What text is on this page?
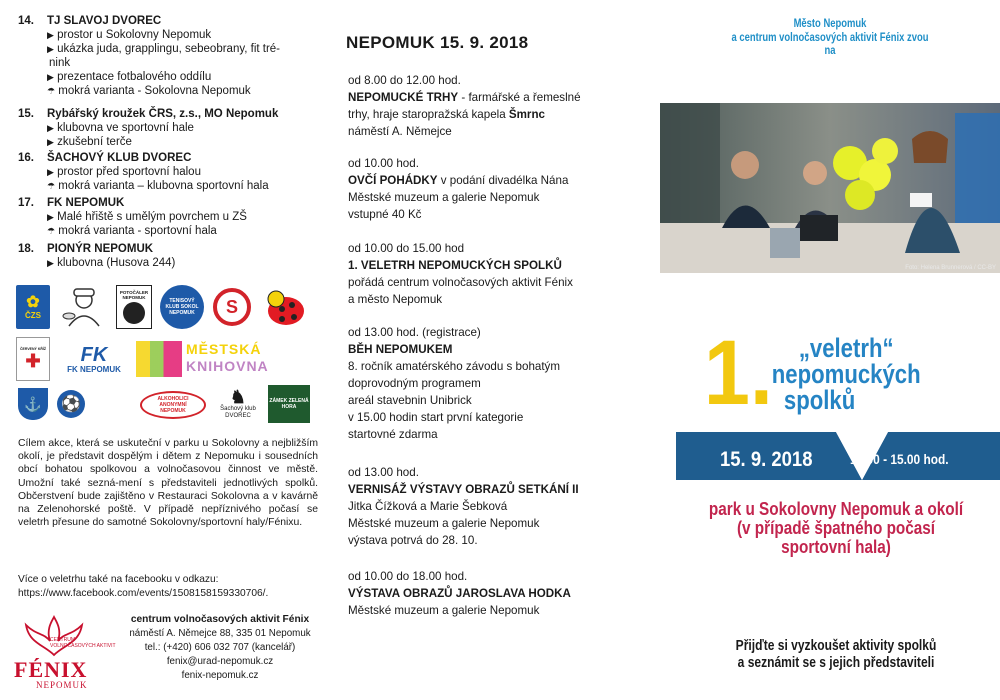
14. TJ SLAVOJ DVOREC
▶ prostor u Sokolovny Nepomuk
▶ ukázka juda, grapplingu, sebeobrany, fit tré-
nink
▶ prezentace fotbalového oddílu
☂ mokrá varianta - Sokolovna Nepomuk
15. Rybářský kroužek ČRS, z.s., MO Nepomuk
▶ klubovna ve sportovní hale
▶ zkušební terče
16. ŠACHOVÝ KLUB DVOREC
▶ prostor před sportovní halou
☂ mokrá varianta – klubovna sportovní hala
17. FK NEPOMUK
▶ Malé hřiště s umělým povrchem u ZŠ
☂ mokrá varianta - sportovní hala
18. PIONÝR NEPOMUK
▶ klubovna (Husova 244)
✿
ČZS
POTOČÁLER NEPOMUK
TENISOVÝ KLUB SOKOL NEPOMUK	S
ČERVENÝ KŘÍŽ
✚ FK
FK NEPOMUK
MĚSTSKÁ
KNIHOVNA
⚓	⚽	ALKOHOLICI ANONYMNÍ NEPOMUK
♞
Šachový klub DVOREC
ZÁMEK ZELENÁ HORA

Cílem akce, která se uskuteční v parku u Sokolovny a nejbližším okolí, je představit dospělým i dětem z Nepomuku i sousedních obcí bohatou spolkovou a volnočasovou činnost ve městě. Umožní také sezná-mení s představiteli jednotlivých spolků. Občerstvení bude zajištěno v Restauraci Sokolovna a v kavárně na Zelenohorské poště. V případě nepříznivého počasí se veletrh přesune do samotné Sokolovny/sportovní haly/Fénixu.

Více o veletrhu také na facebooku v odkazu:
https://www.facebook.com/events/1508158159330706/.
CENTRUM VOLNOČASOVÝCH AKTIVIT
FÉNIX
NEPOMUK
centrum volnočasových aktivit Fénix
náměstí A. Němejce 88, 335 01 Nepomuk
tel.: (+420) 606 032 707 (kancelář)
fenix@urad-nepomuk.cz
fenix-nepomuk.cz
NEPOMUK 15. 9. 2018
od 8.00 do 12.00 hod.
NEPOMUCKÉ TRHY - farmářské a řemeslné
trhy, hraje staropražská kapela Šmrnc
náměstí A. Němejce
od 10.00 hod.
OVČÍ POHÁDKY v podání divadélka Nána
Městské muzeum a galerie Nepomuk
vstupné 40 Kč
od 10.00 do 15.00 hod
1. VELETRH NEPOMUCKÝCH SPOLKŮ
pořádá centrum volnočasových aktivit Fénix
a město Nepomuk
od 13.00 hod. (registrace)
BĚH NEPOMUKEM
8. ročník amatérského závodu s bohatým
doprovodným programem
areál stavebnin Unibrick
v 15.00 hodin start první kategorie
startovné zdarma
od 13.00 hod.
VERNISÁŽ VÝSTAVY OBRAZŮ SETKÁNÍ II
Jitka Čížková a Marie Šebková
Městské muzeum a galerie Nepomuk
výstava potrvá do 28. 10.
od 10.00 do 18.00 hod.
VÝSTAVA OBRAZŮ JAROSLAVA HODKA
Městské muzeum a galerie Nepomuk
Město Nepomuk
a centrum volnočasových aktivit Fénix zvou
na
Foto: Helena Brunnerová / CC-BY
1. „veletrh“
nepomuckých
spolků
15. 9. 2018	10.00 - 15.00 hod.
park u Sokolovny Nepomuk a okolí
(v případě špatného počasí
sportovní hala)
Přijďte si vyzkoušet aktivity spolků
a seznámit se s jejich představiteli
